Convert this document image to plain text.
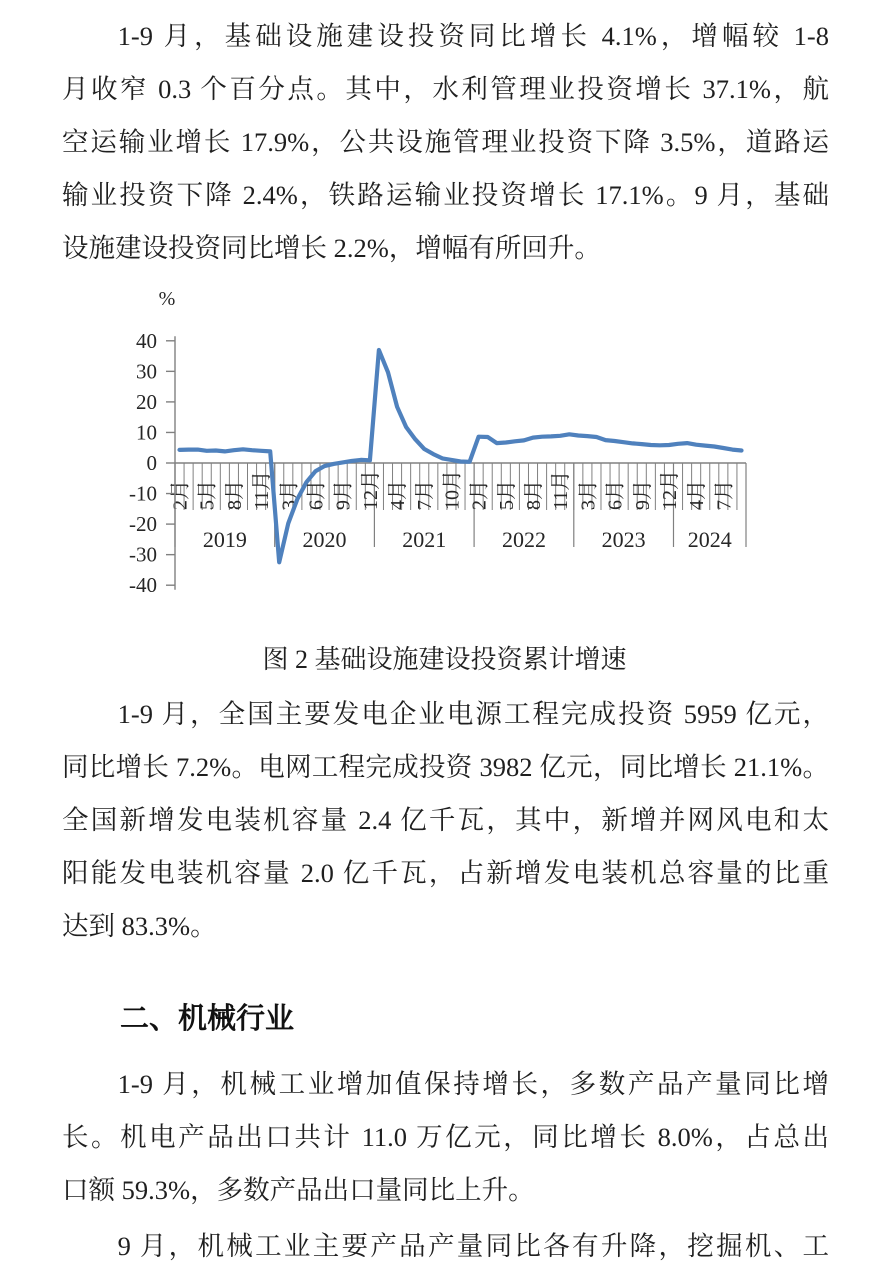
1-9 月，基础设施建设投资同比增长 4.1%，增幅较 1-8
月收窄 0.3 个百分点。其中，水利管理业投资增长 37.1%，航
空运输业增长 17.9%，公共设施管理业投资下降 3.5%，道路运
输业投资下降 2.4%，铁路运输业投资增长 17.1%。9 月，基础
设施建设投资同比增长 2.2%，增幅有所回升。
2019	2020	2021	2022	2023 2024
2月 5月 8月 11月 3月 6月 9月 12月 4月 7月 10月 2月 5月 8月 11月 3月 6月 9月 12月 4月 7月
40
30
20
10
0
-10
-20
-30
-40
%
图 2 基础设施建设投资累计增速
1-9 月，全国主要发电企业电源工程完成投资 5959 亿元，
同比增长 7.2%。电网工程完成投资 3982 亿元，同比增长 21.1%。
全国新增发电装机容量 2.4 亿千瓦，其中，新增并网风电和太
阳能发电装机容量 2.0 亿千瓦，占新增发电装机总容量的比重
达到 83.3%。
二、机械行业
1-9 月，机械工业增加值保持增长，多数产品产量同比增
长。机电产品出口共计 11.0 万亿元，同比增长 8.0%，占总出
口额 59.3%，多数产品出口量同比上升。
9 月，机械工业主要产品产量同比各有升降，挖掘机、工
